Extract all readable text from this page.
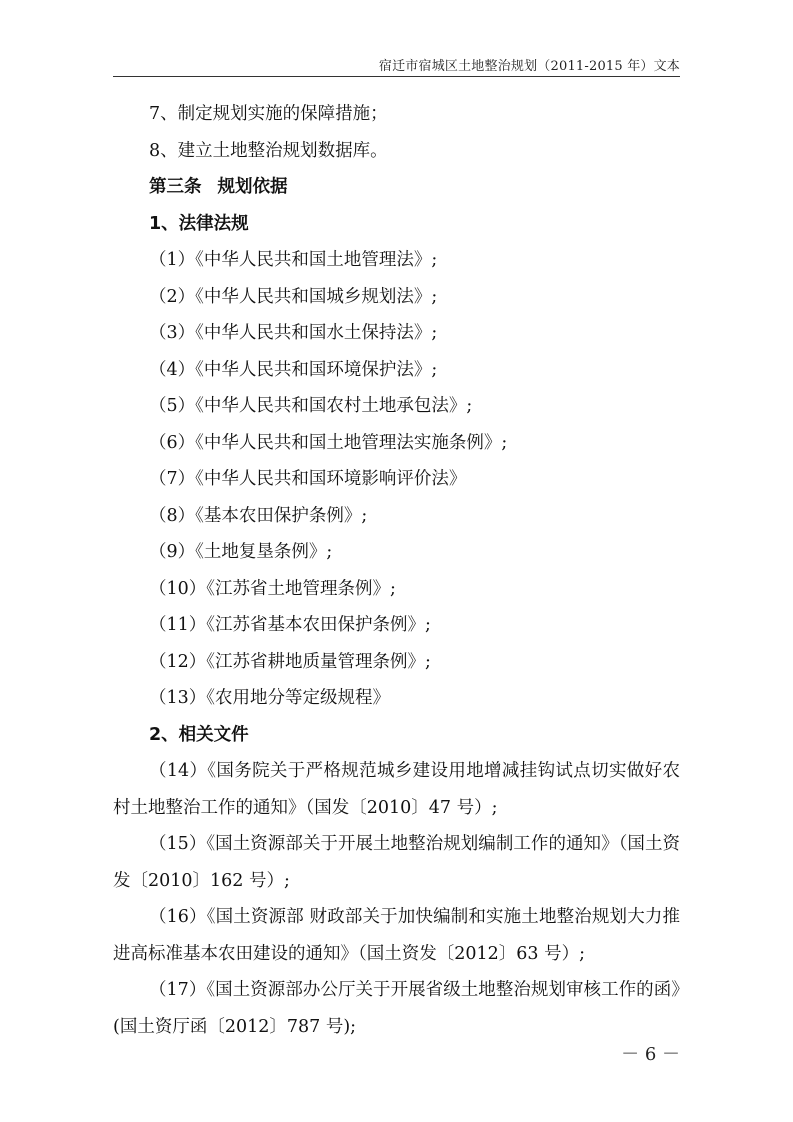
宿迁市宿城区土地整治规划（2011-2015 年）文本
7、制定规划实施的保障措施；
8、建立土地整治规划数据库。
第三条 规划依据
1、法律法规
（1）《中华人民共和国土地管理法》;
（2）《中华人民共和国城乡规划法》;
（3）《中华人民共和国水土保持法》;
（4）《中华人民共和国环境保护法》;
（5）《中华人民共和国农村土地承包法》;
（6）《中华人民共和国土地管理法实施条例》;
（7）《中华人民共和国环境影响评价法》
（8）《基本农田保护条例》;
（9）《土地复垦条例》;
（10）《江苏省土地管理条例》;
（11）《江苏省基本农田保护条例》;
（12）《江苏省耕地质量管理条例》;
（13）《农用地分等定级规程》
2、相关文件
（14）《国务院关于严格规范城乡建设用地增减挂钩试点切实做好农村土地整治工作的通知》（国发〔2010〕47 号）;
（15）《国土资源部关于开展土地整治规划编制工作的通知》（国土资发〔2010〕162 号）;
（16）《国土资源部 财政部关于加快编制和实施土地整治规划大力推进高标准基本农田建设的通知》（国土资发〔2012〕63 号）;
（17）《国土资源部办公厅关于开展省级土地整治规划审核工作的函》(国土资厅函〔2012〕787 号);
－ 6 －
